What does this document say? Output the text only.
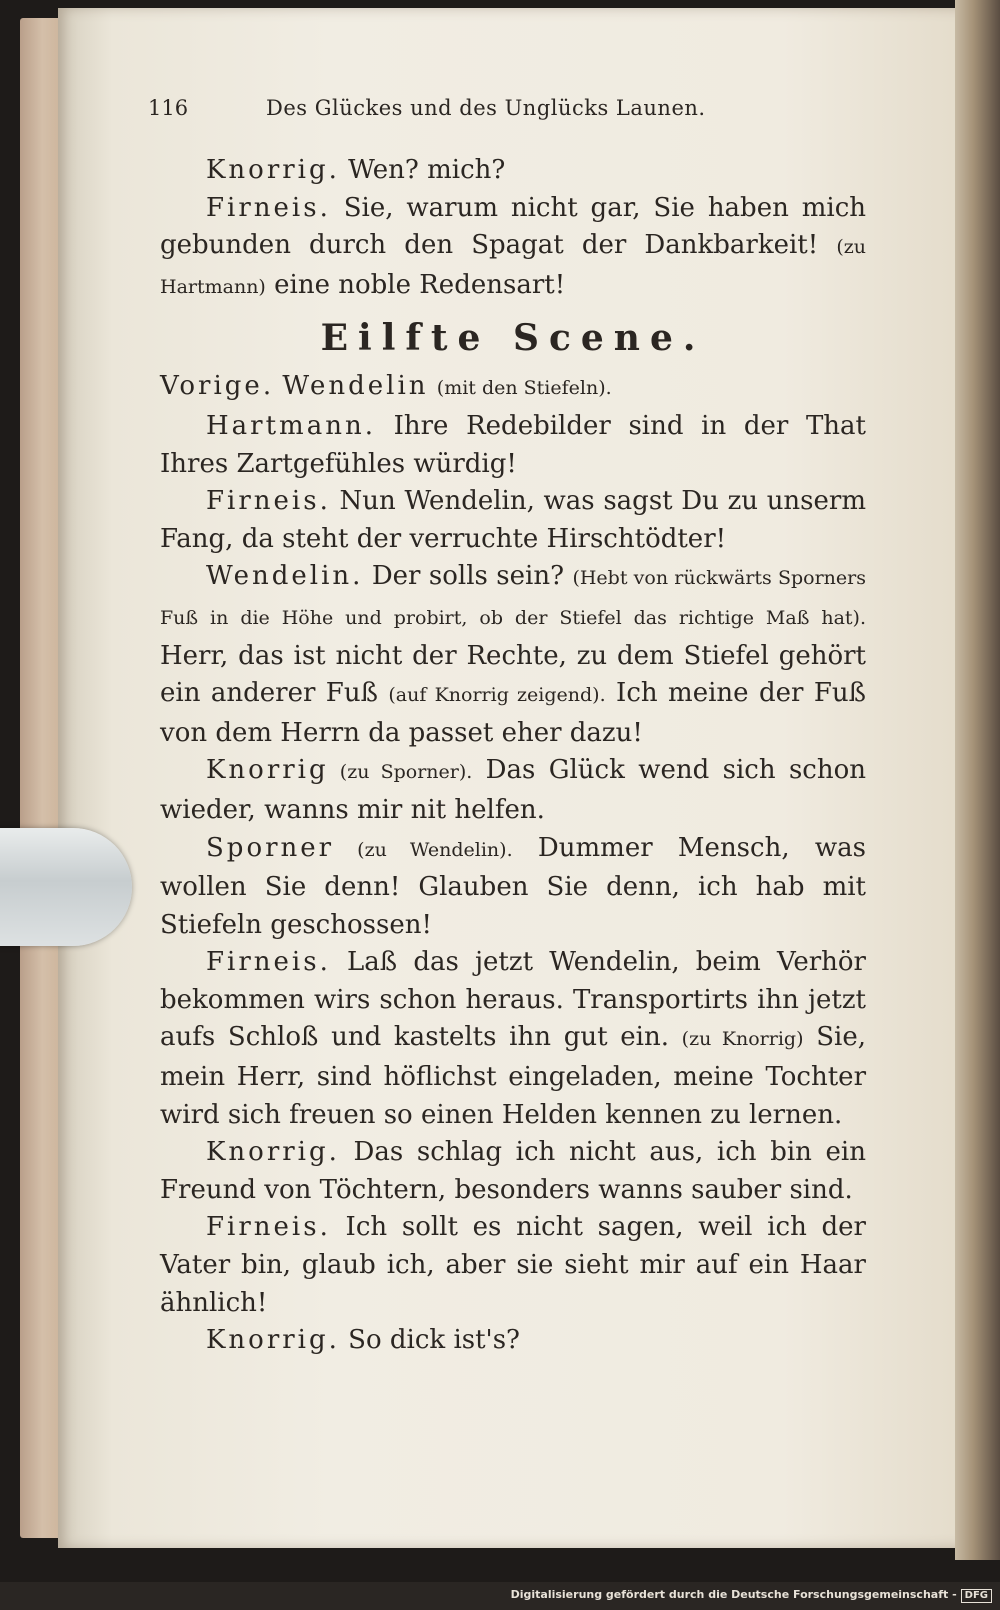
116	Des Glückes und des Unglücks Launen.

Knorrig. Wen? mich?

Firneis. Sie, warum nicht gar, Sie haben mich gebunden durch den Spagat der Dankbarkeit! (zu Hartmann) eine noble Redensart!

Eilfte Scene.

Vorige. Wendelin (mit den Stiefeln).

Hartmann. Ihre Redebilder sind in der That Ihres Zartgefühles würdig!

Firneis. Nun Wendelin, was sagst Du zu unserm Fang, da steht der verruchte Hirschtödter!

Wendelin. Der solls sein? (Hebt von rückwärts Sporners Fuß in die Höhe und probirt, ob der Stiefel das richtige Maß hat). Herr, das ist nicht der Rechte, zu dem Stiefel gehört ein anderer Fuß (auf Knorrig zeigend). Ich meine der Fuß von dem Herrn da passet eher dazu!

Knorrig (zu Sporner). Das Glück wend sich schon wieder, wanns mir nit helfen.

Sporner (zu Wendelin). Dummer Mensch, was wollen Sie denn! Glauben Sie denn, ich hab mit Stiefeln geschossen!

Firneis. Laß das jetzt Wendelin, beim Verhör bekommen wirs schon heraus. Transportirts ihn jetzt aufs Schloß und kastelts ihn gut ein. (zu Knorrig) Sie, mein Herr, sind höflichst eingeladen, meine Tochter wird sich freuen so einen Helden kennen zu lernen.

Knorrig. Das schlag ich nicht aus, ich bin ein Freund von Töchtern, besonders wanns sauber sind.

Firneis. Ich sollt es nicht sagen, weil ich der Vater bin, glaub ich, aber sie sieht mir auf ein Haar ähnlich!

Knorrig. So dick ist's?

Digitalisierung gefördert durch die Deutsche Forschungsgemeinschaft - DFG
